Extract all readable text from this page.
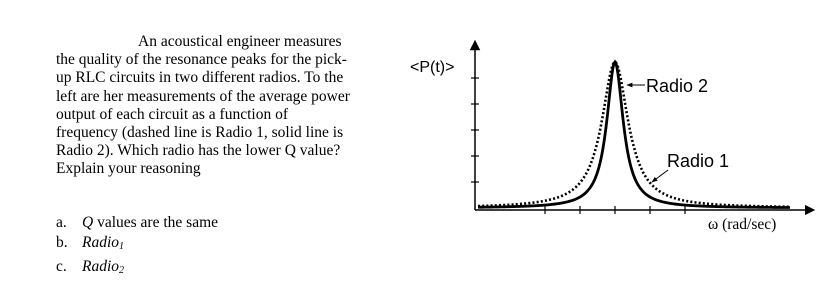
An acoustical engineer measures
the quality of the resonance peaks for the pick-
up RLC circuits in two different radios. To the
left are her measurements of the average power
output of each circuit as a function of
frequency (dashed line is Radio 1, solid line is
Radio 2). Which radio has the lower Q value?
Explain your reasoning
a. Q values are the same
b. Radio$_1$
c. Radio$_2$
<P(t)>
Radio 2
Radio 1
ω (rad/sec)
